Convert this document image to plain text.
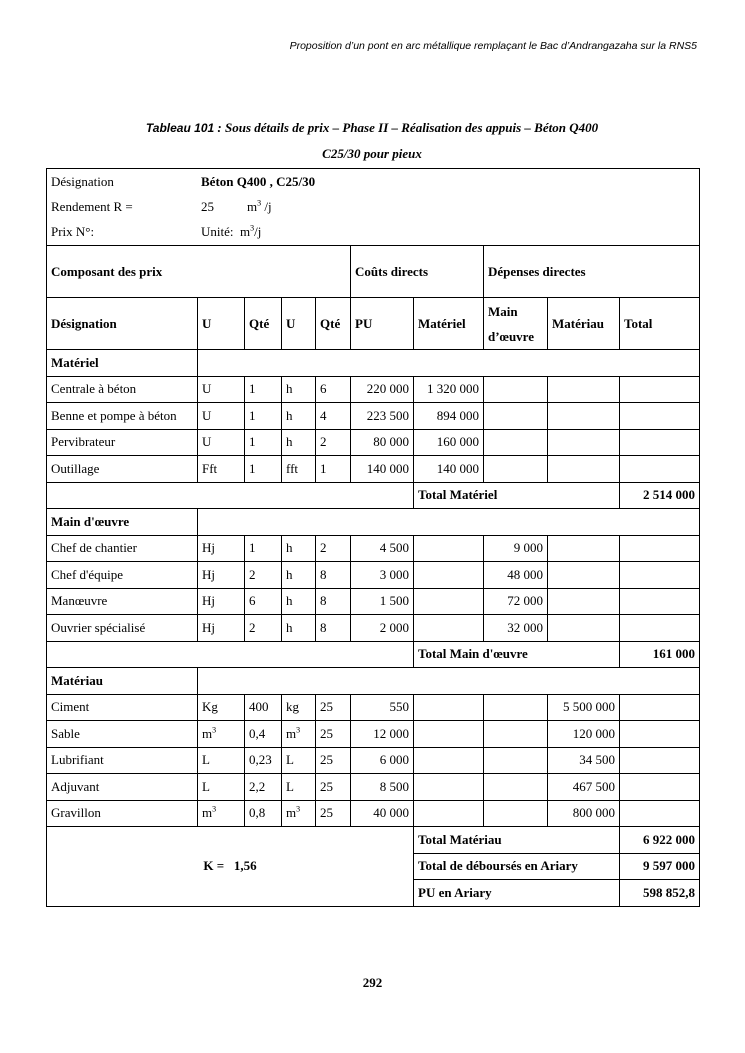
Proposition d’un pont en arc métallique remplaçant le Bac d’Andrangazaha sur la RNS5
Tableau 101 : Sous détails de prix – Phase II – Réalisation des appuis – Béton Q400
C25/30 pour pieux
Désignation	Béton Q400 , C25/30
Rendement R =	25	$m^3$ /j
Prix N°:	Unité: $m^3/j$

Composant des prix	Coûts directs	Dépenses directes
Désignation	U	Qté	U	Qté	PU	Matériel	Main d’œuvre	Matériau	Total
Matériel	
Centrale à béton	U	1	h	6	220 000	1 320 000			
Benne et pompe à béton	U	1	h	4	223 500	894 000			
Pervibrateur	U	1	h	2	80 000	160 000			
Outillage	Fft	1	fft	1	140 000	140 000			
	Total Matériel	2 514 000
Main d'œuvre	
Chef de chantier	Hj	1	h	2	4 500		9 000		
Chef d'équipe	Hj	2	h	8	3 000		48 000		
Manœuvre	Hj	6	h	8	1 500		72 000		
Ouvrier spécialisé	Hj	2	h	8	2 000		32 000		
	Total Main d'œuvre	161 000
Matériau	
Ciment	Kg	400	kg	25	550			5 500 000	
Sable	$m^3$	0,4	$m^3$	25	12 000			120 000	
Lubrifiant	L	0,23	L	25	6 000			34 500	
Adjuvant	L	2,2	L	25	8 500			467 500	
Gravillon	$m^3$	0,8	$m^3$	25	40 000			800 000	
K = 1,56	Total Matériau	6 922 000
Total de déboursés en Ariary	9 597 000
PU en Ariary	598 852,8
292
